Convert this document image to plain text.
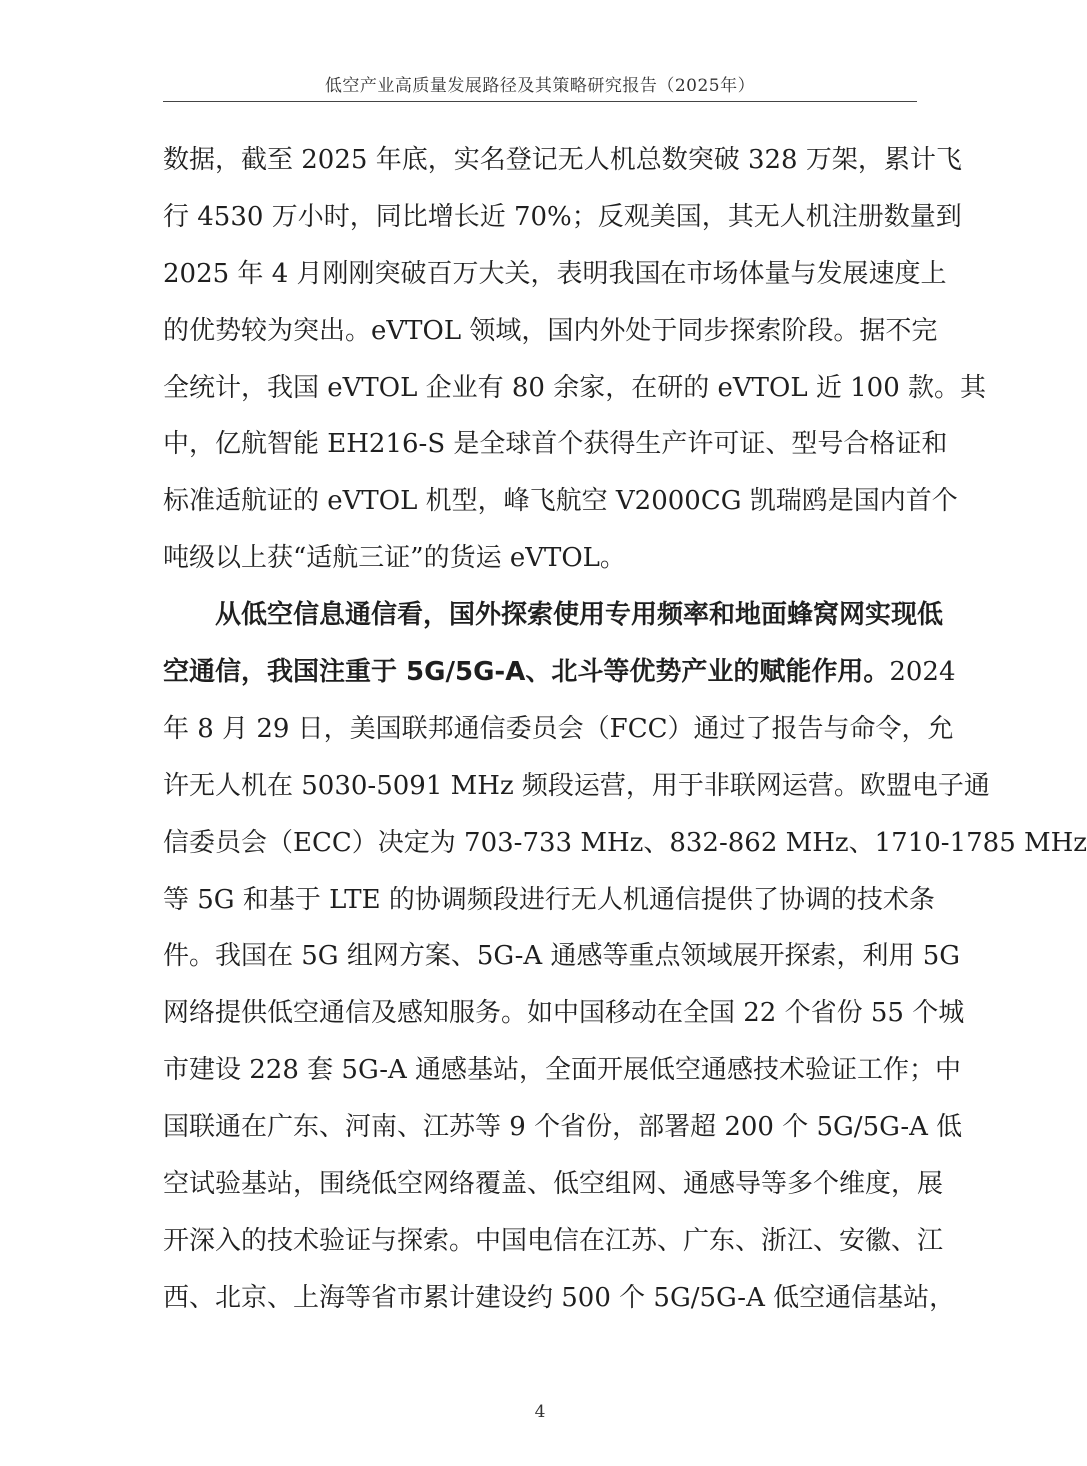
低空产业高质量发展路径及其策略研究报告（2025年）
数据，截至 2025 年底，实名登记无人机总数突破 328 万架，累计飞
行 4530 万小时，同比增长近 70%；反观美国，其无人机注册数量到
2025 年 4 月刚刚突破百万大关，表明我国在市场体量与发展速度上
的优势较为突出。eVTOL 领域，国内外处于同步探索阶段。据不完
全统计，我国 eVTOL 企业有 80 余家，在研的 eVTOL 近 100 款。其
中，亿航智能 EH216-S 是全球首个获得生产许可证、型号合格证和
标准适航证的 eVTOL 机型，峰飞航空 V2000CG 凯瑞鸥是国内首个
吨级以上获“适航三证”的货运 eVTOL。
　　从低空信息通信看，国外探索使用专用频率和地面蜂窝网实现低
空通信，我国注重于 5G/5G-A、北斗等优势产业的赋能作用。2024
年 8 月 29 日，美国联邦通信委员会（FCC）通过了报告与命令，允
许无人机在 5030-5091 MHz 频段运营，用于非联网运营。欧盟电子通
信委员会（ECC）决定为 703-733 MHz、832-862 MHz、1710-1785 MHz
等 5G 和基于 LTE 的协调频段进行无人机通信提供了协调的技术条
件。我国在 5G 组网方案、5G-A 通感等重点领域展开探索，利用 5G
网络提供低空通信及感知服务。如中国移动在全国 22 个省份 55 个城
市建设 228 套 5G-A 通感基站，全面开展低空通感技术验证工作；中
国联通在广东、河南、江苏等 9 个省份，部署超 200 个 5G/5G-A 低
空试验基站，围绕低空网络覆盖、低空组网、通感导等多个维度，展
开深入的技术验证与探索。中国电信在江苏、广东、浙江、安徽、江
西、北京、上海等省市累计建设约 500 个 5G/5G-A 低空通信基站，
4
